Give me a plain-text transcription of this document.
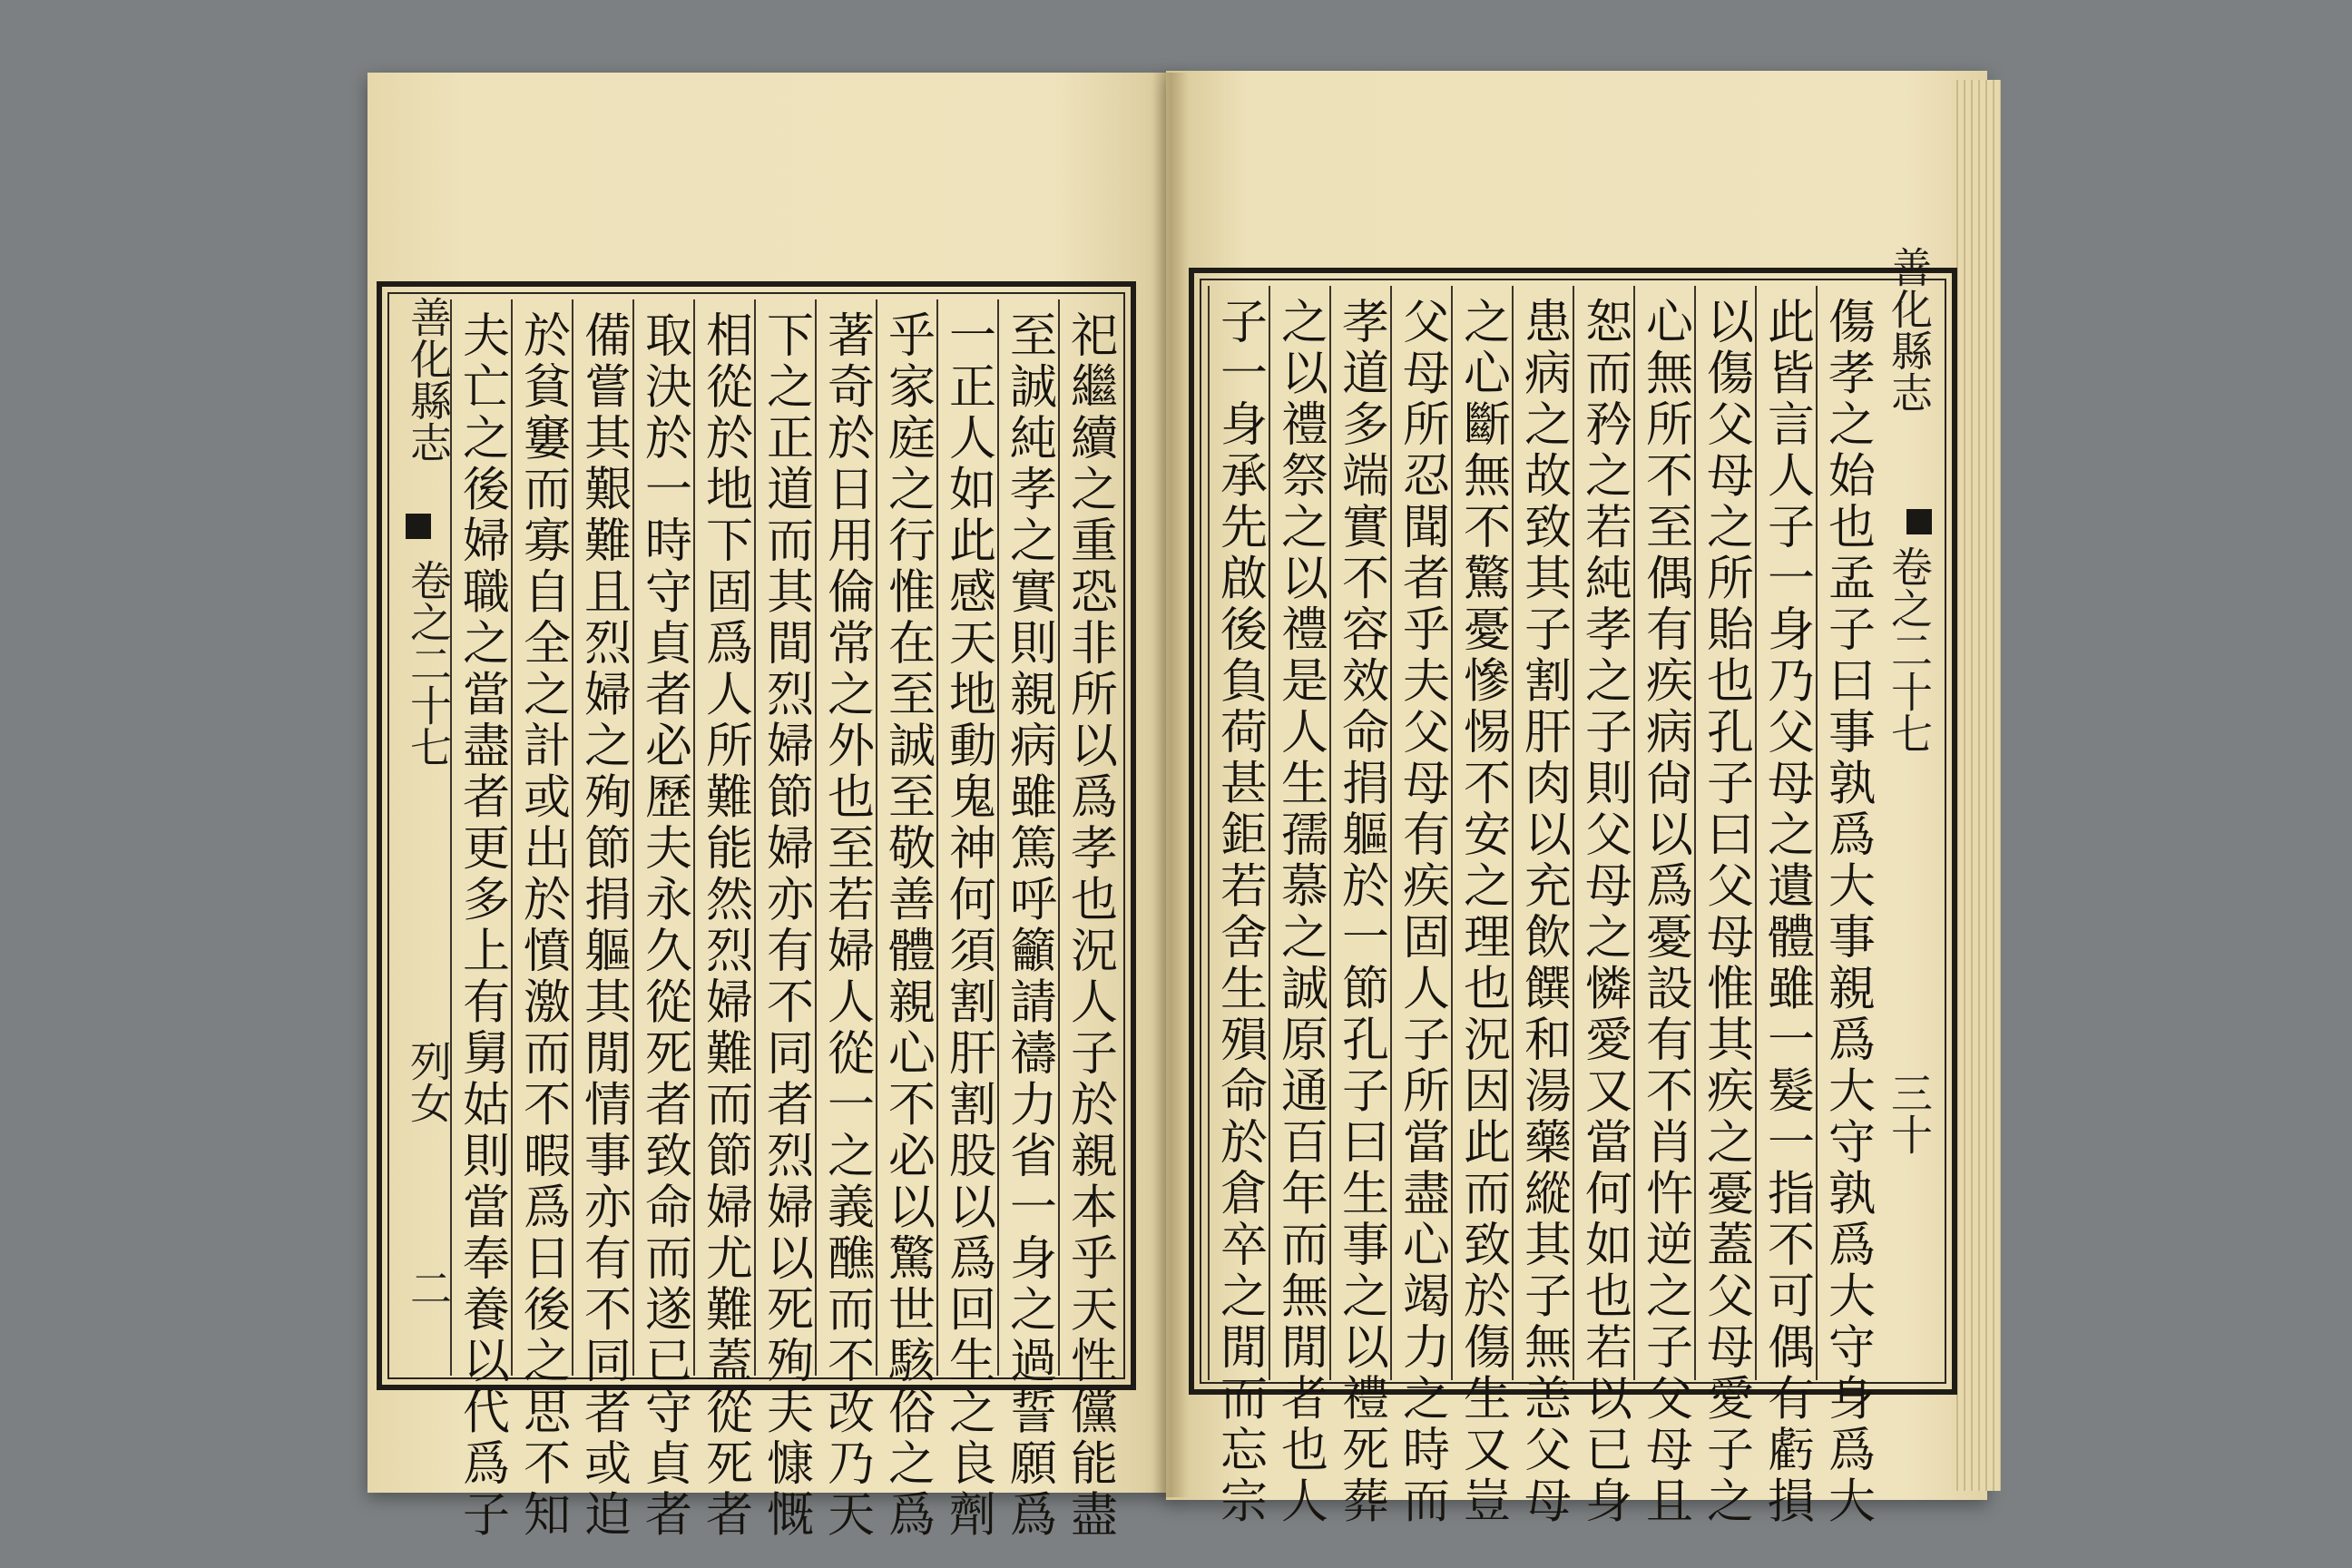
善化縣志
卷之二十七
列女
二	祀繼續之重恐非所以爲孝也況人子於親本乎天性儻能盡
至誠純孝之實則親病雖篤呼籲請禱力省一身之過誓願爲
一正人如此感天地動鬼神何須割肝割股以爲回生之良劑
乎家庭之行惟在至誠至敬善體親心不必以驚世駭俗之爲
著奇於日用倫常之外也至若婦人從一之義醮而不改乃天
下之正道而其間烈婦節婦亦有不同者烈婦以死殉夫慷慨
相從於地下固爲人所難能然烈婦難而節婦尤難蓋從死者
取決於一時守貞者必歷夫永久從死者致命而遂已守貞者
備嘗其艱難且烈婦之殉節捐軀其閒情事亦有不同者或迫
於貧窶而寡自全之計或出於憤激而不暇爲日後之思不知
夫亡之後婦職之當盡者更多上有舅姑則當奉養以代爲子	傷孝之始也孟子曰事孰爲大事親爲大守孰爲大守身爲大
此皆言人子一身乃父母之遺體雖一髮一指不可偶有虧損
以傷父母之所貽也孔子曰父母惟其疾之憂蓋父母愛子之
心無所不至偶有疾病尙以爲憂設有不肖忤逆之子父母且
恕而矜之若純孝之子則父母之憐愛又當何如也若以已身
患病之故致其子割肝肉以充飲饌和湯藥縱其子無恙父母
之心斷無不驚憂慘惕不安之理也況因此而致於傷生又豈
父母所忍聞者乎夫父母有疾固人子所當盡心竭力之時而
孝道多端實不容效命捐軀於一節孔子曰生事之以禮死葬
之以禮祭之以禮是人生孺慕之誠原通百年而無閒者也人
子一身承先啟後負荷甚鉅若舍生殞命於倉卒之閒而忘宗	善化縣志
卷之二十七
三十
